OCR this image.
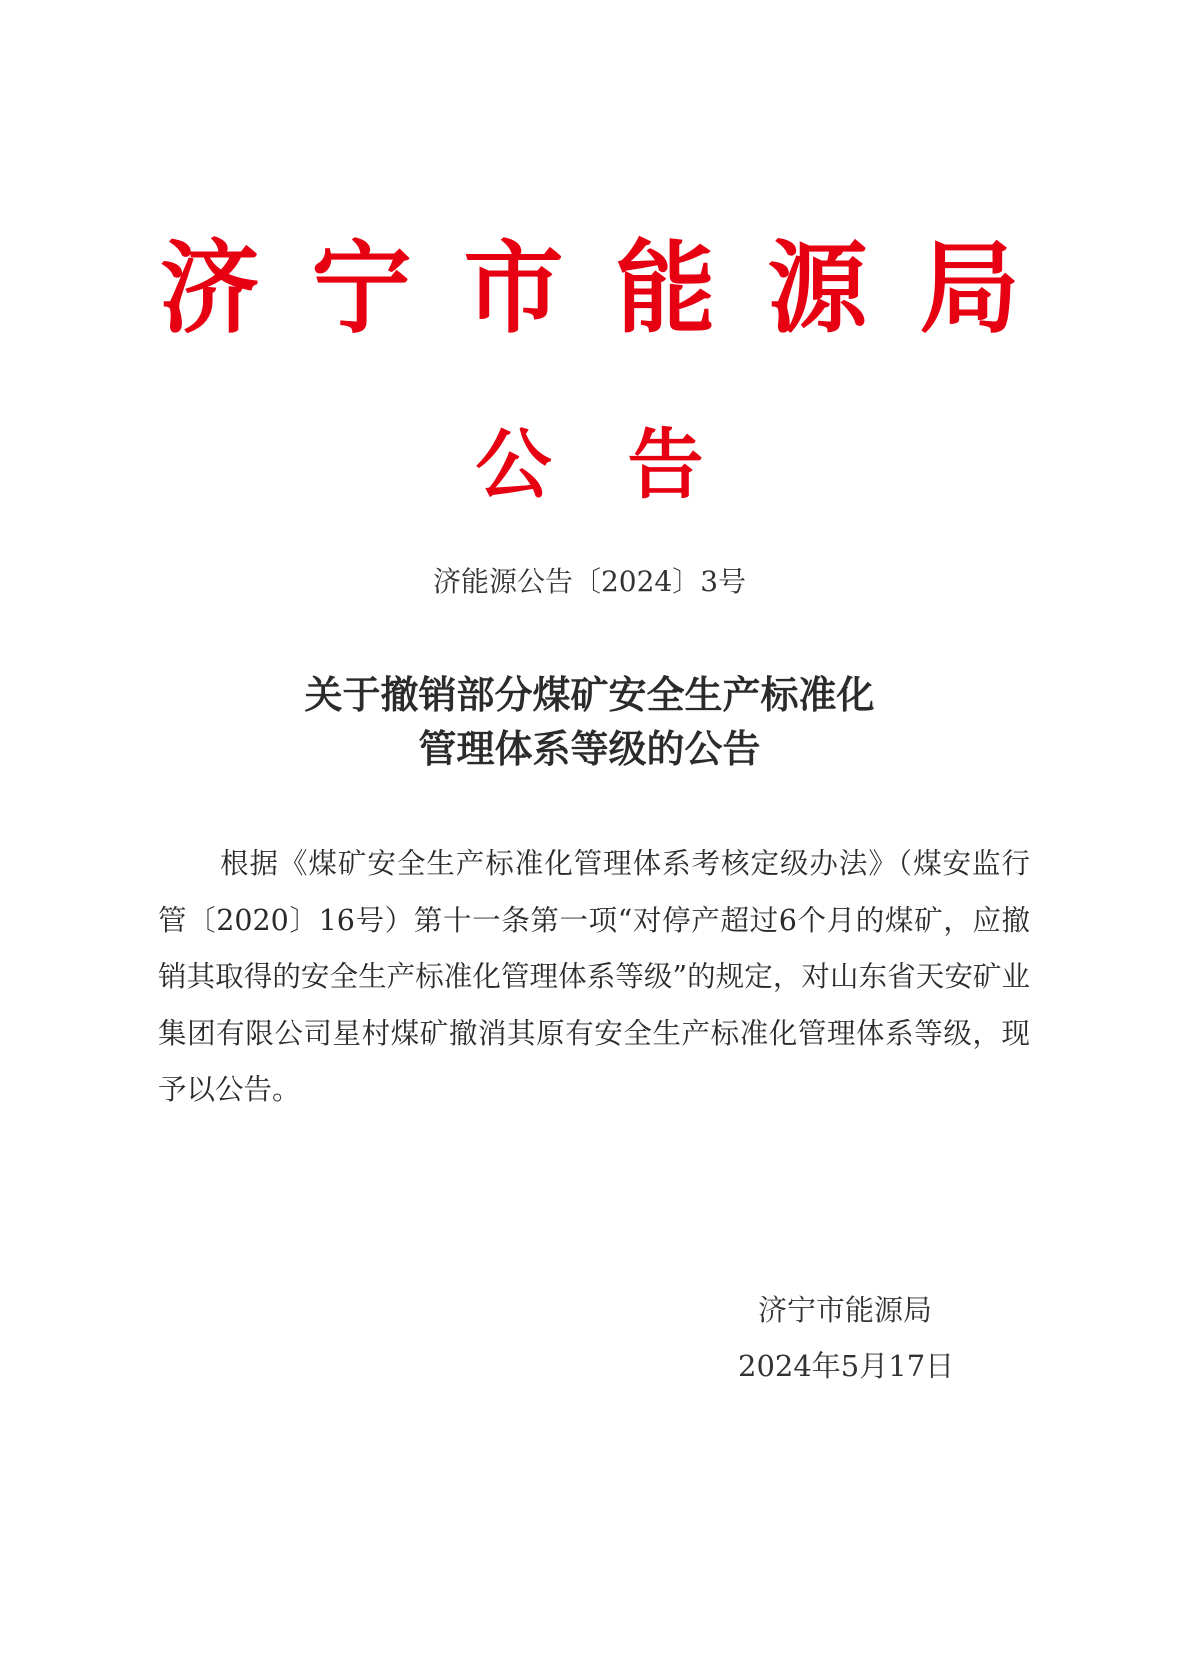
济宁市能源局
公告
济能源公告〔2024〕3号
关于撤销部分煤矿安全生产标准化
管理体系等级的公告
根据《煤矿安全生产标准化管理体系考核定级办法》（煤安监行管〔2020〕16号）第十一条第一项“对停产超过6个月的煤矿，应撤销其取得的安全生产标准化管理体系等级”的规定，对山东省天安矿业集团有限公司星村煤矿撤消其原有安全生产标准化管理体系等级，现予以公告。
济宁市能源局
2024年5月17日
